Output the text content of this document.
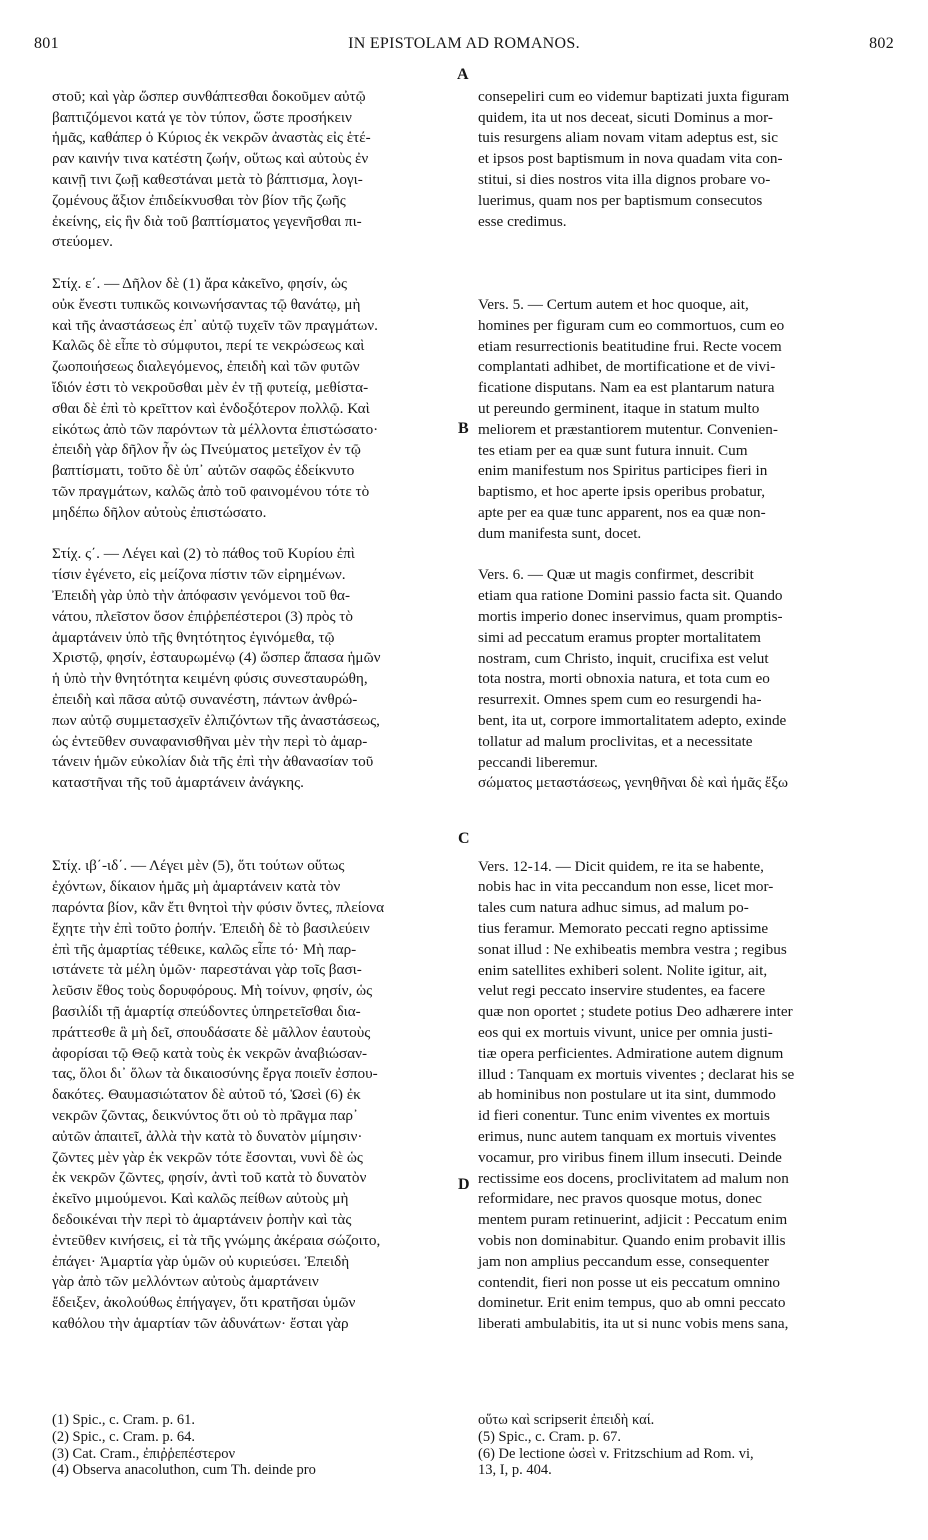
801	IN EPISTOLAM AD ROMANOS.	802

στοῦ; καὶ γὰρ ὥσπερ συνθάπτεσθαι δοκοῦμεν αὐτῷ
βαπτιζόμενοι κατά γε τὸν τύπον, ὥστε προσήκειν
ἡμᾶς, καθάπερ ὁ Κύριος ἐκ νεκρῶν ἀναστὰς εἰς ἑτέ-
ραν καινήν τινα κατέστη ζωήν, οὕτως καὶ αὐτοὺς ἐν
καινῇ τινι ζωῇ καθεστάναι μετὰ τὸ βάπτισμα, λογι-
ζομένους ἄξιον ἐπιδείκνυσθαι τὸν βίον τῆς ζωῆς
ἐκείνης, εἰς ἣν διὰ τοῦ βαπτίσματος γεγενῆσθαι πι-
στεύομεν.

Στίχ. ε΄. — Δῆλον δὲ (1) ἄρα κἀκεῖνο, φησίν, ὡς
οὐκ ἔνεστι τυπικῶς κοινωνήσαντας τῷ θανάτῳ, μὴ
καὶ τῆς ἀναστάσεως ἐπ᾿ αὐτῷ τυχεῖν τῶν πραγμάτων.
Καλῶς δὲ εἶπε τὸ σύμφυτοι, περί τε νεκρώσεως καὶ
ζωοποιήσεως διαλεγόμενος, ἐπειδὴ καὶ τῶν φυτῶν
ἴδιόν ἐστι τὸ νεκροῦσθαι μὲν ἐν τῇ φυτείᾳ, μεθίστα-
σθαι δὲ ἐπὶ τὸ κρεῖττον καὶ ἐνδοξότερον πολλῷ. Καὶ
εἰκότως ἀπὸ τῶν παρόντων τὰ μέλλοντα ἐπιστώσατο·
ἐπειδὴ γὰρ δῆλον ἦν ὡς Πνεύματος μετεῖχον ἐν τῷ
βαπτίσματι, τοῦτο δὲ ὑπ᾿ αὐτῶν σαφῶς ἐδείκνυτο
τῶν πραγμάτων, καλῶς ἀπὸ τοῦ φαινομένου τότε τὸ
μηδέπω δῆλον αὐτοὺς ἐπιστώσατο.

Στίχ. ς΄. — Λέγει καὶ (2) τὸ πάθος τοῦ Κυρίου ἐπὶ
τίσιν ἐγένετο, εἰς μείζονα πίστιν τῶν εἰρημένων.
Ἐπειδὴ γὰρ ὑπὸ τὴν ἀπόφασιν γενόμενοι τοῦ θα-
νάτου, πλεῖστον ὅσον ἐπιῤῥεπέστεροι (3) πρὸς τὸ
ἁμαρτάνειν ὑπὸ τῆς θνητότητος ἐγινόμεθα, τῷ
Χριστῷ, φησίν, ἐσταυρωμένῳ (4) ὥσπερ ἅπασα ἡμῶν
ἡ ὑπὸ τὴν θνητότητα κειμένη φύσις συνεσταυρώθη,
ἐπειδὴ καὶ πᾶσα αὐτῷ συνανέστη, πάντων ἀνθρώ-
πων αὐτῷ συμμετασχεῖν ἐλπιζόντων τῆς ἀναστάσεως,
ὡς ἐντεῦθεν συναφανισθῆναι μὲν τὴν περὶ τὸ ἁμαρ-
τάνειν ἡμῶν εὐκολίαν διὰ τῆς ἐπὶ τὴν ἀθανασίαν τοῦ
καταστῆναι τῆς τοῦ ἁμαρτάνειν ἀνάγκης.

Στίχ. ιβ΄-ιδ΄. — Λέγει μὲν (5), ὅτι τούτων οὕτως
ἐχόντων, δίκαιον ἡμᾶς μὴ ἁμαρτάνειν κατὰ τὸν
παρόντα βίον, κἂν ἔτι θνητοὶ τὴν φύσιν ὄντες, πλείονα
ἔχητε τὴν ἐπὶ τοῦτο ῥοπήν. Ἐπειδὴ δὲ τὸ βασιλεύειν
ἐπὶ τῆς ἁμαρτίας τέθεικε, καλῶς εἶπε τό· Μὴ παρ-
ιστάνετε τὰ μέλη ὑμῶν· παρεστάναι γὰρ τοῖς βασι-
λεῦσιν ἔθος τοὺς δορυφόρους. Μὴ τοίνυν, φησίν, ὡς
βασιλίδι τῇ ἁμαρτίᾳ σπεύδοντες ὑπηρετεῖσθαι δια-
πράττεσθε ἃ μὴ δεῖ, σπουδάσατε δὲ μᾶλλον ἑαυτοὺς
ἀφορίσαι τῷ Θεῷ κατὰ τοὺς ἐκ νεκρῶν ἀναβιώσαν-
τας, ὅλοι δι᾿ ὅλων τὰ δικαιοσύνης ἔργα ποιεῖν ἐσπου-
δακότες. Θαυμασιώτατον δὲ αὐτοῦ τό, Ὡσεὶ (6) ἐκ
νεκρῶν ζῶντας, δεικνύντος ὅτι οὐ τὸ πρᾶγμα παρ᾿
αὐτῶν ἀπαιτεῖ, ἀλλὰ τὴν κατὰ τὸ δυνατὸν μίμησιν·
ζῶντες μὲν γὰρ ἐκ νεκρῶν τότε ἔσονται, νυνὶ δὲ ὡς
ἐκ νεκρῶν ζῶντες, φησίν, ἀντὶ τοῦ κατὰ τὸ δυνατὸν
ἐκεῖνο μιμούμενοι. Καὶ καλῶς πείθων αὐτοὺς μὴ
δεδοικέναι τὴν περὶ τὸ ἁμαρτάνειν ῥοπὴν καὶ τὰς
ἐντεῦθεν κινήσεις, εἰ τὰ τῆς γνώμης ἀκέραια σώζοιτο,
ἐπάγει· Ἁμαρτία γὰρ ὑμῶν οὐ κυριεύσει. Ἐπειδὴ
γὰρ ἀπὸ τῶν μελλόντων αὐτοὺς ἁμαρτάνειν
ἔδειξεν, ἀκολούθως ἐπήγαγεν, ὅτι κρατῆσαι ὑμῶν
καθόλου τὴν ἁμαρτίαν τῶν ἀδυνάτων· ἔσται γὰρ

consepeliri cum eo videmur baptizati juxta figuram
quidem, ita ut nos deceat, sicuti Dominus a mor-
tuis resurgens aliam novam vitam adeptus est, sic
et ipsos post baptismum in nova quadam vita con-
stitui, si dies nostros vita illa dignos probare vo-
luerimus, quam nos per baptismum consecutos
esse credimus.

Vers. 5. — Certum autem et hoc quoque, ait,
homines per figuram cum eo commortuos, cum eo
etiam resurrectionis beatitudine frui. Recte vocem
complantati adhibet, de mortificatione et de vivi-
ficatione disputans. Nam ea est plantarum natura
ut pereundo germinent, itaque in statum multo
meliorem et præstantiorem mutentur. Convenien-
tes etiam per ea quæ sunt futura innuit. Cum
enim manifestum nos Spiritus participes fieri in
baptismo, et hoc aperte ipsis operibus probatur,
apte per ea quæ tunc apparent, nos ea quæ non-
dum manifesta sunt, docet.

Vers. 6. — Quæ ut magis confirmet, describit
etiam qua ratione Domini passio facta sit. Quando
mortis imperio donec inservimus, quam promptis-
simi ad peccatum eramus propter mortalitatem
nostram, cum Christo, inquit, crucifixa est velut
tota nostra, morti obnoxia natura, et tota cum eo
resurrexit. Omnes spem cum eo resurgendi ha-
bent, ita ut, corpore immortalitatem adepto, exinde
tollatur ad malum proclivitas, et a necessitate
peccandi liberemur.
σώματος μεταστάσεως, γενηθῆναι δὲ καὶ ἡμᾶς ἔξω

Vers. 12-14. — Dicit quidem, re ita se habente,
nobis hac in vita peccandum non esse, licet mor-
tales cum natura adhuc simus, ad malum po-
tius feramur. Memorato peccati regno aptissime
sonat illud : Ne exhibeatis membra vestra ; regibus
enim satellites exhiberi solent. Nolite igitur, ait,
velut regi peccato inservire studentes, ea facere
quæ non oportet ; studete potius Deo adhærere inter
eos qui ex mortuis vivunt, unice per omnia justi-
tiæ opera perficientes. Admiratione autem dignum
illud : Tanquam ex mortuis viventes ; declarat his se
ab hominibus non postulare ut ita sint, dummodo
id fieri conentur. Tunc enim viventes ex mortuis
erimus, nunc autem tanquam ex mortuis viventes
vocamur, pro viribus finem illum insecuti. Deinde
rectissime eos docens, proclivitatem ad malum non
reformidare, nec pravos quosque motus, donec
mentem puram retinuerint, adjicit : Peccatum enim
vobis non dominabitur. Quando enim probavit illis
jam non amplius peccandum esse, consequenter
contendit, fieri non posse ut eis peccatum omnino
dominetur. Erit enim tempus, quo ab omni peccato
liberati ambulabitis, ita ut si nunc vobis mens sana,

A
B
C
D
(1) Spic., c. Cram. p. 61.
(2) Spic., c. Cram. p. 64.
(3) Cat. Cram., ἐπιῤῥεπέστερον
(4) Observa anacoluthon, cum Th. deinde pro
οὕτω καὶ scripserit ἐπειδὴ καί.
(5) Spic., c. Cram. p. 67.
(6) De lectione ὡσεὶ v. Fritzschium ad Rom. vi,
13, I, p. 404.
